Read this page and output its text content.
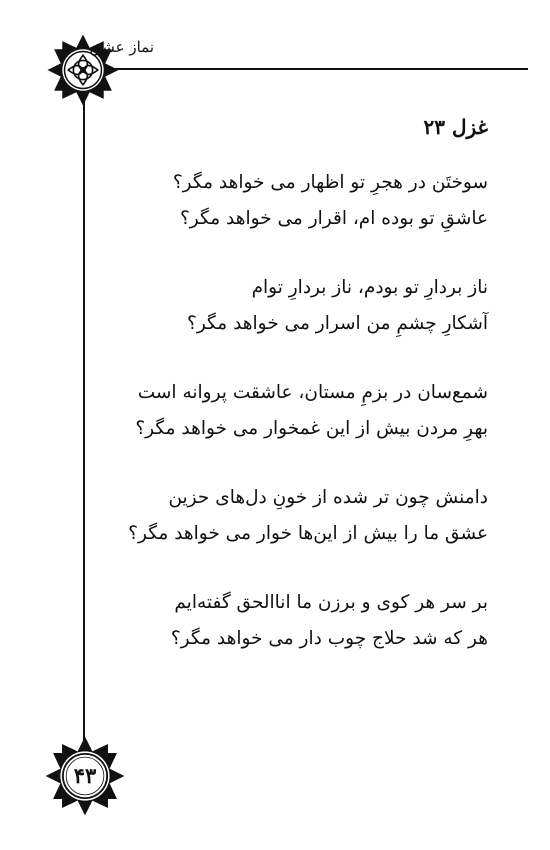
نماز عشق
غزل ۲۳
سوختَن در هجرِ تو اظهار می خواهد مگر؟
عاشقِ تو بوده ام، اقرار می خواهد مگر؟
ناز بردارِ تو بودم، ناز بردارِ توام
آشکارِ چشمِ من اسرار می خواهد مگر؟
شمع‌سان در بزمِ مستان، عاشقت پروانه است
بهرِ مردن بیش از این غمخوار می خواهد مگر؟
دامنش چون تر شده از خونِ دل‌های حزین
عشق ما را بیش از این‌ها خوار می خواهد مگر؟
بر سر هر کوی و برزن ما اناالحق گفته‌ایم
هر که شد حلاج چوب دار می خواهد مگر؟
۴۳
